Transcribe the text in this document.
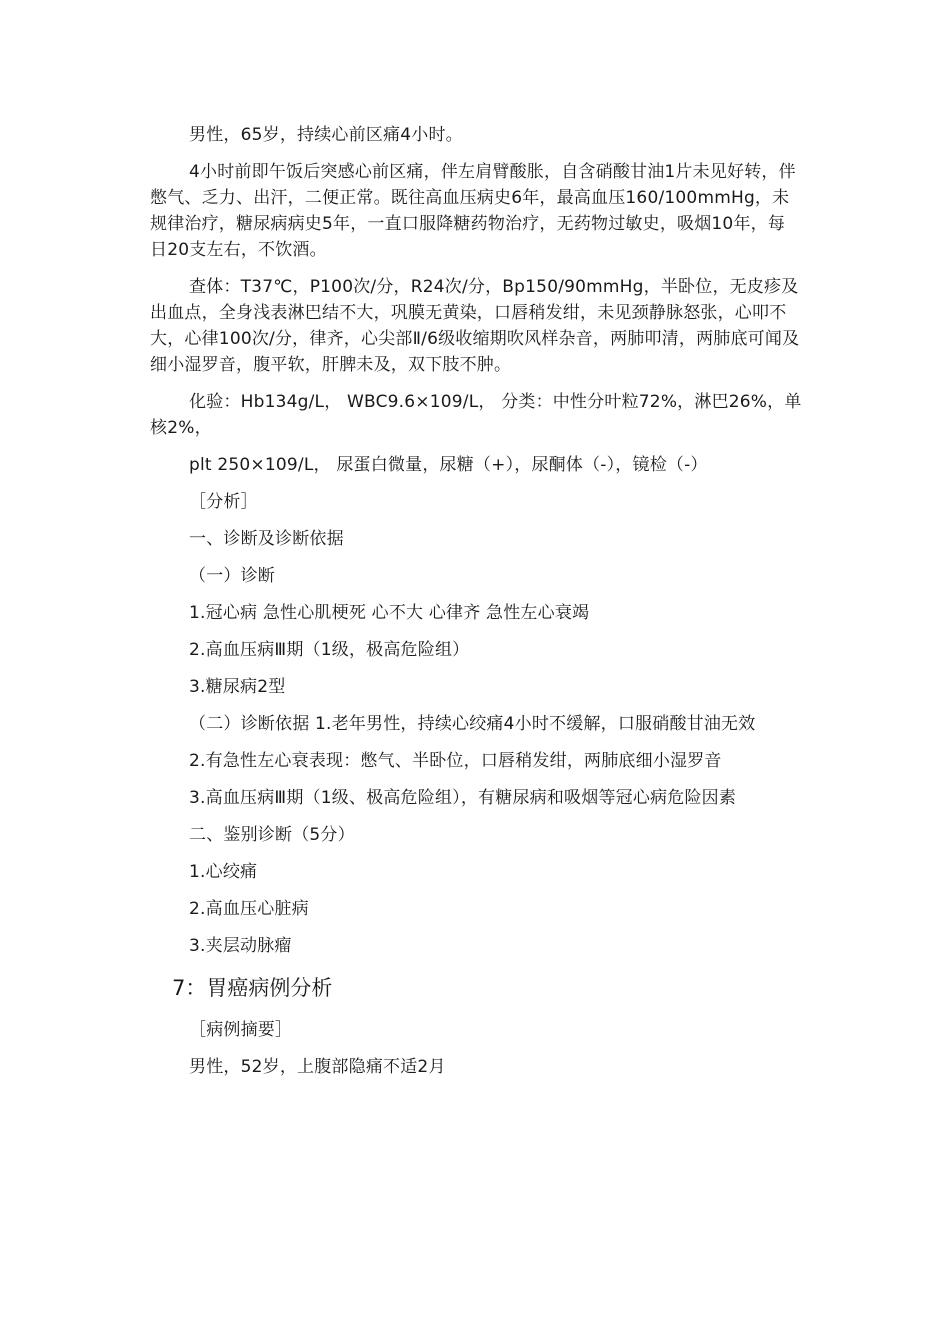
男性，65岁，持续心前区痛4小时。

4小时前即午饭后突感心前区痛，伴左肩臂酸胀，自含硝酸甘油1片未见好转，伴憋气、乏力、出汗，二便正常。既往高血压病史6年，最高血压160/100mmHg，未规律治疗，糖尿病病史5年，一直口服降糖药物治疗，无药物过敏史，吸烟10年，每日20支左右，不饮酒。

查体：T37℃，P100次/分，R24次/分，Bp150/90mmHg，半卧位，无皮疹及出血点，全身浅表淋巴结不大，巩膜无黄染，口唇稍发绀，未见颈静脉怒张，心叩不大，心律100次/分，律齐，心尖部Ⅱ/6级收缩期吹风样杂音，两肺叩清，两肺底可闻及细小湿罗音，腹平软，肝脾未及，双下肢不肿。

化验：Hb134g/L， WBC9.6×109/L， 分类：中性分叶粒72%，淋巴26%，单核2%，

plt 250×109/L， 尿蛋白微量，尿糖（+），尿酮体（-），镜检（-）

［分析］

一、诊断及诊断依据

（一）诊断

1.冠心病 急性心肌梗死 心不大 心律齐 急性左心衰竭

2.高血压病Ⅲ期（1级，极高危险组）

3.糖尿病2型

（二）诊断依据 1.老年男性，持续心绞痛4小时不缓解，口服硝酸甘油无效

2.有急性左心衰表现：憋气、半卧位，口唇稍发绀，两肺底细小湿罗音

3.高血压病Ⅲ期（1级、极高危险组），有糖尿病和吸烟等冠心病危险因素

二、鉴别诊断（5分）

1.心绞痛

2.高血压心脏病

3.夹层动脉瘤

7：胃癌病例分析

［病例摘要］

男性，52岁，上腹部隐痛不适2月
